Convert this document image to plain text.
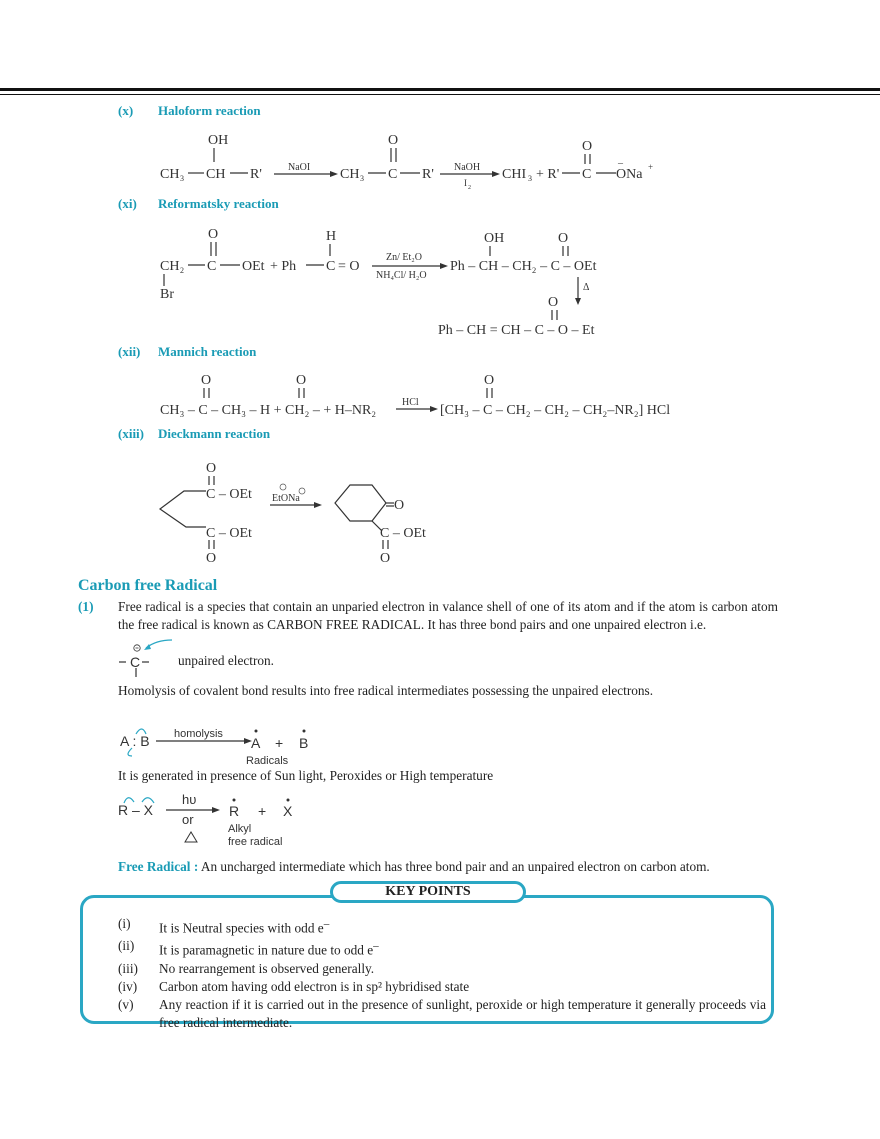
(x) Haloform reaction
OH
CH 3 CH R'	NaOI CH 3
O
C R' NaOH
I 2
CHI 3 + R'
O
C
–
ONa +
(xi) Reformatsky reaction
O
CH 2 C OEt + Ph
H
C = O
Br
Zn/ Et₂O
NH₄Cl/ H₂O
OH	O
Ph – CH – CH₂ – C – OEt
Δ
O
Ph – CH = CH – C – O – Et
(xii) Mannich reaction
O	O
CH₃ – C – CH₃ – H + CH₂ – + H–NR₂
HCl
O
[CH₃ – C – CH₂ – CH₂ – CH₂–NR₂] HCl
(xiii) Dieckmann reaction
O
C – OEt
C – OEt
O
EtONa	O
C – OEt
O
Carbon free Radical
(1) Free radical is a species that contain an unparied electron in valance shell of one of its atom and if the atom is carbon atom the free radical is known as CARBON FREE RADICAL. It has three bond pairs and one unpaired electron i.e.
C	unpaired electron.
Homolysis of covalent bond results into free radical intermediates possessing the unpaired electrons.
A : B homolysis
A + B
Radicals
It is generated in presence of Sun light, Peroxides or High temperature
R – X
hυ
or
R + X
Alkyl
free radical
Free Radical : An uncharged intermediate which has three bond pair and an unpaired electron on carbon atom.
KEY POINTS
(i)	It is Neutral species with odd e–
(ii)	It is paramagnetic in nature due to odd e–
(iii)	No rearrangement is observed generally.
(iv)	Carbon atom having odd electron is in sp² hybridised state
(v)	Any reaction if it is carried out in the presence of sunlight, peroxide or high temperature it generally proceeds via free radical intermediate.
